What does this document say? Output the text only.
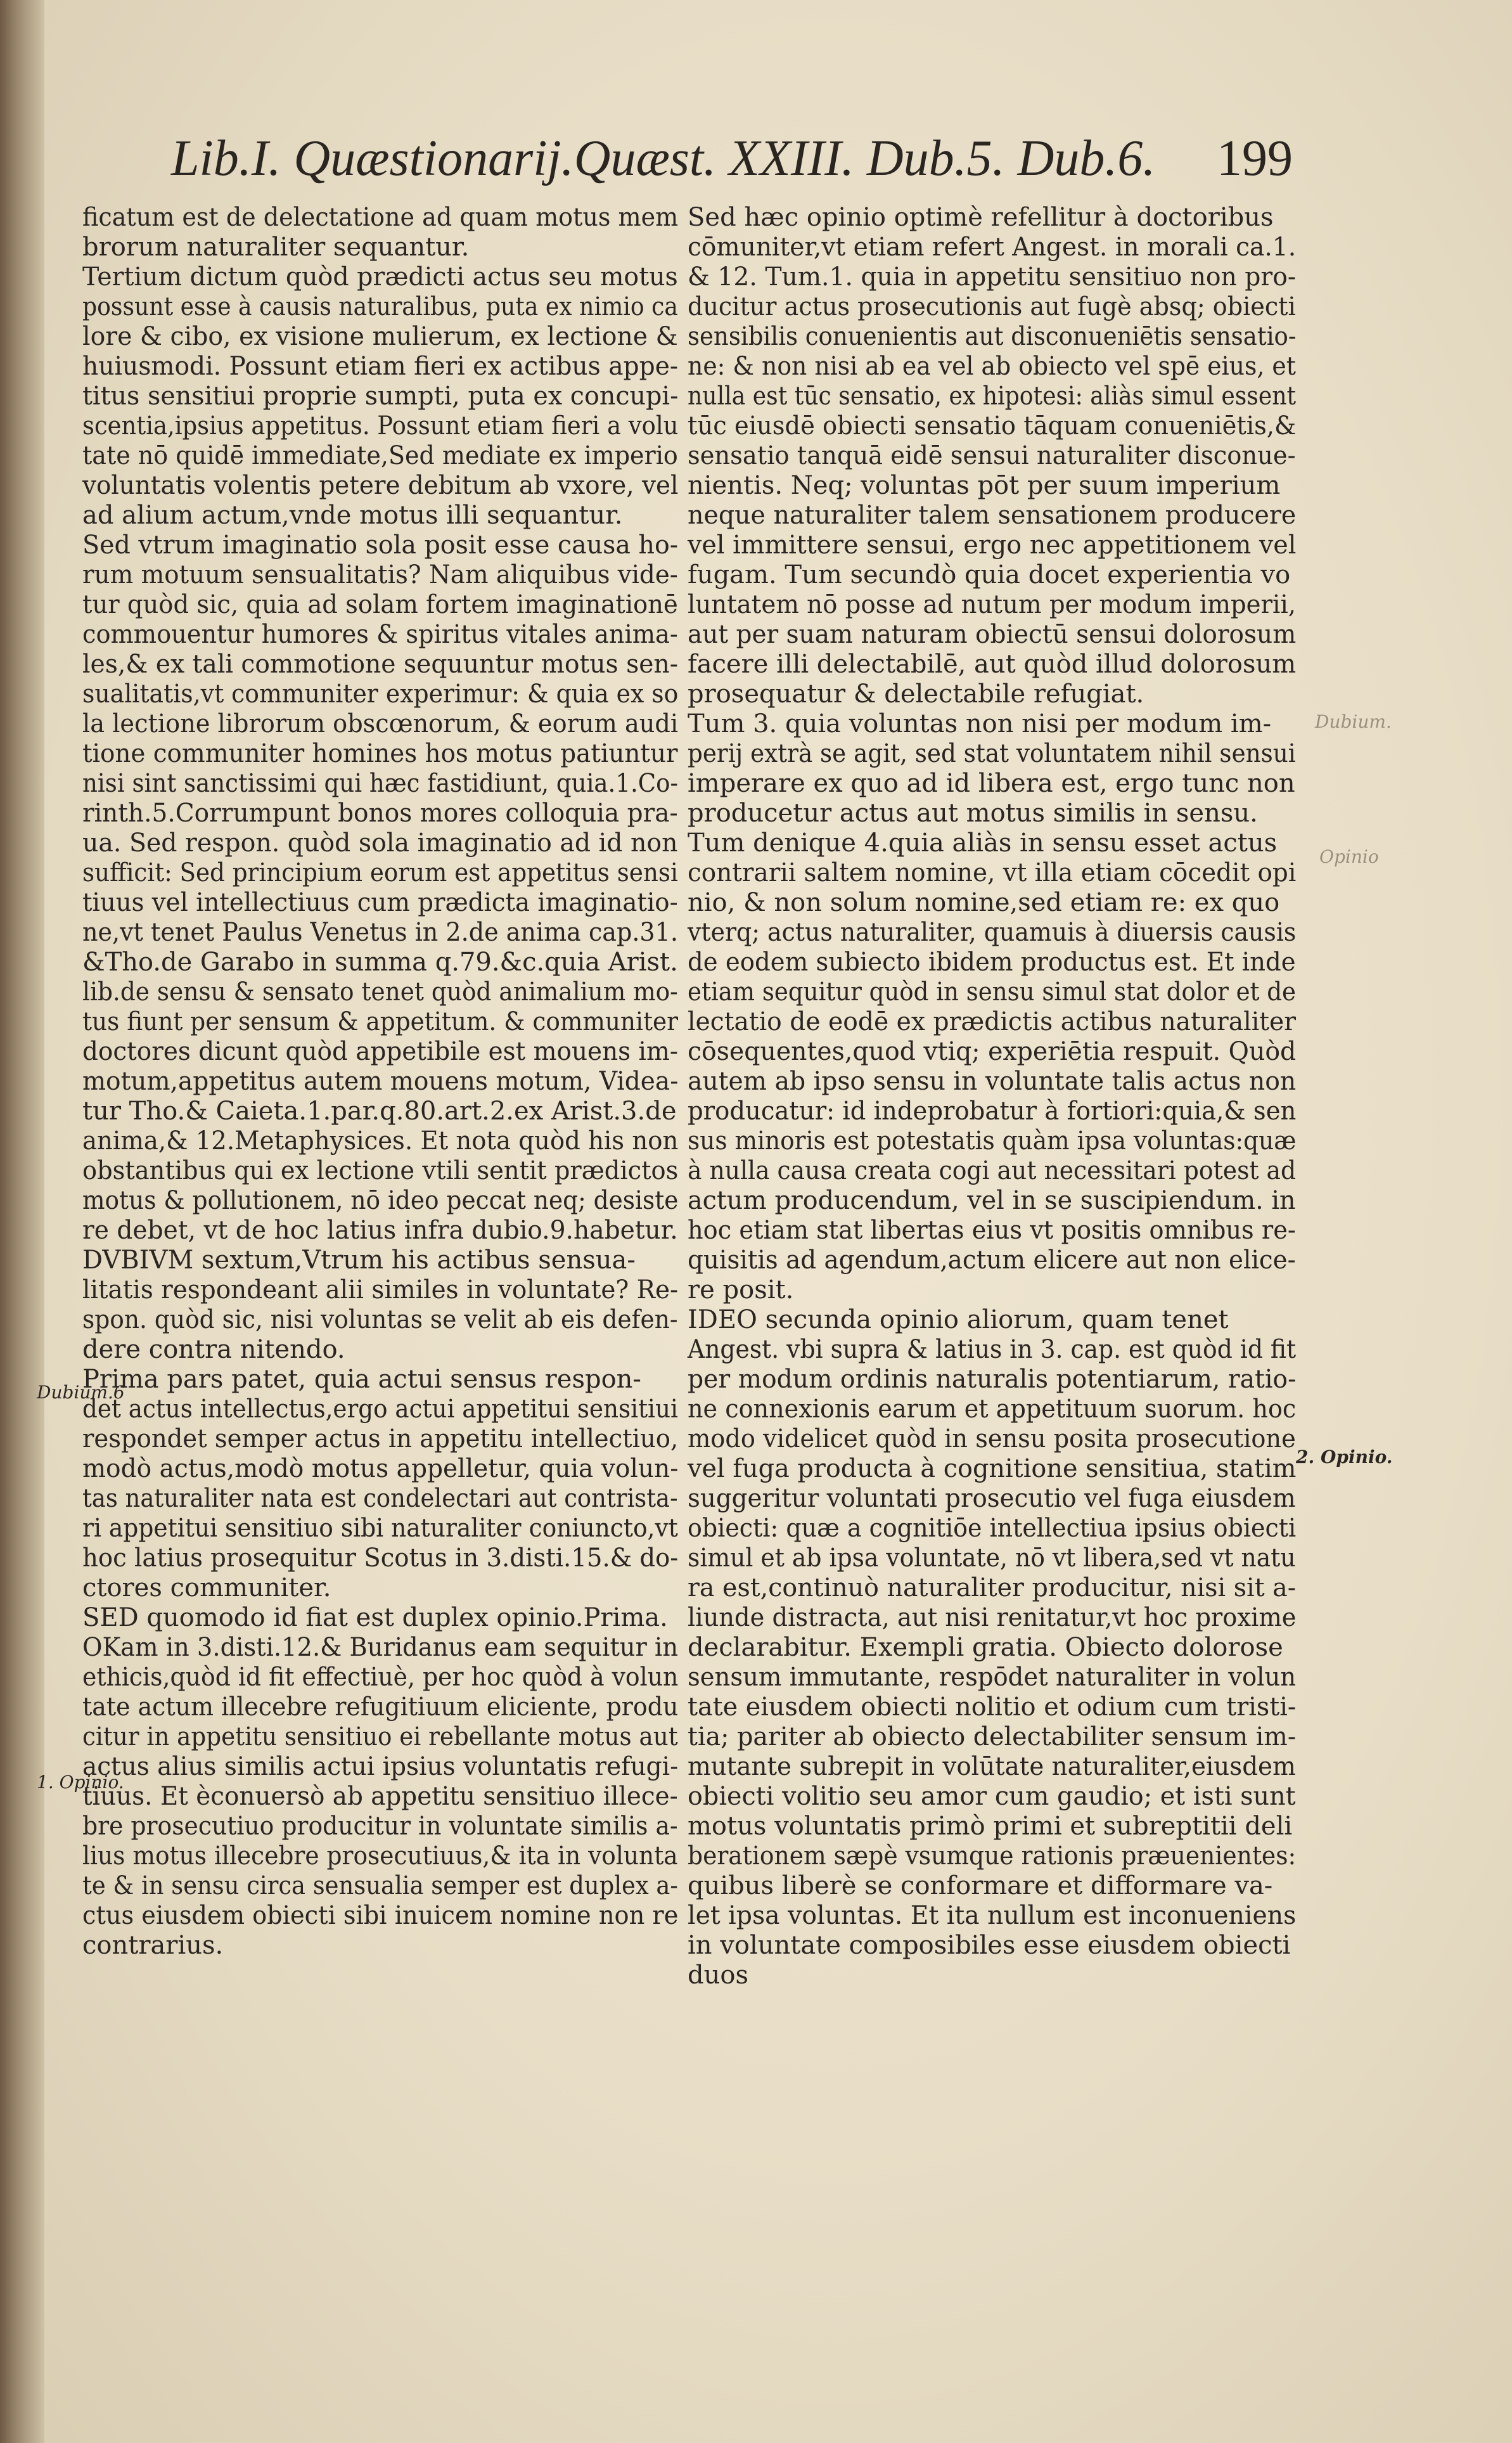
Lib.I. Quæstionarij.Quæst. XXIII. Dub.5. Dub.6. 199

ficatum est de delectatione ad quam motus mem

brorum naturaliter sequantur.

Tertium dictum quòd prædicti actus seu motus

possunt esse à causis naturalibus, puta ex nimio ca

lore & cibo, ex visione mulierum, ex lectione &

huiusmodi. Possunt etiam fieri ex actibus appe-

titus sensitiui proprie sumpti, puta ex concupi-

scentia,ipsius appetitus. Possunt etiam fieri a volu

tate nō quidē immediate,Sed mediate ex imperio

voluntatis volentis petere debitum ab vxore, vel

ad alium actum,vnde motus illi sequantur.

Sed vtrum imaginatio sola posit esse causa ho-

rum motuum sensualitatis? Nam aliquibus vide-

tur quòd sic, quia ad solam fortem imaginationē

commouentur humores & spiritus vitales anima-

les,& ex tali commotione sequuntur motus sen-

sualitatis,vt communiter experimur: & quia ex so

la lectione librorum obscœnorum, & eorum audi

tione communiter homines hos motus patiuntur

nisi sint sanctissimi qui hæc fastidiunt, quia.1.Co-

rinth.5.Corrumpunt bonos mores colloquia pra-

ua. Sed respon. quòd sola imaginatio ad id non

sufficit: Sed principium eorum est appetitus sensi

tiuus vel intellectiuus cum prædicta imaginatio-

ne,vt tenet Paulus Venetus in 2.de anima cap.31.

&Tho.de Garabo in summa q.79.&c.quia Arist.

lib.de sensu & sensato tenet quòd animalium mo-

tus fiunt per sensum & appetitum. & communiter

doctores dicunt quòd appetibile est mouens im-

motum,appetitus autem mouens motum, Videa-

tur Tho.& Caieta.1.par.q.80.art.2.ex Arist.3.de

anima,& 12.Metaphysices. Et nota quòd his non

obstantibus qui ex lectione vtili sentit prædictos

motus & pollutionem, nō ideo peccat neq; desiste

re debet, vt de hoc latius infra dubio.9.habetur.

DVBIVM sextum,Vtrum his actibus sensua-

litatis respondeant alii similes in voluntate? Re-

spon. quòd sic, nisi voluntas se velit ab eis defen-

dere contra nitendo.

Prima pars patet, quia actui sensus respon-

det actus intellectus,ergo actui appetitui sensitiui

respondet semper actus in appetitu intellectiuo,

modò actus,modò motus appelletur, quia volun-

tas naturaliter nata est condelectari aut contrista-

ri appetitui sensitiuo sibi naturaliter coniuncto,vt

hoc latius prosequitur Scotus in 3.disti.15.& do-

ctores communiter.

SED quomodo id fiat est duplex opinio.Prima.

OKam in 3.disti.12.& Buridanus eam sequitur in

ethicis,quòd id fit effectiuè, per hoc quòd à volun

tate actum illecebre refugitiuum eliciente, produ

citur in appetitu sensitiuo ei rebellante motus aut

actus alius similis actui ipsius voluntatis refugi-

tiuus. Et èconuersò ab appetitu sensitiuo illece-

bre prosecutiuo producitur in voluntate similis a-

lius motus illecebre prosecutiuus,& ita in volunta

te & in sensu circa sensualia semper est duplex a-

ctus eiusdem obiecti sibi inuicem nomine non re

contrarius.

Sed hæc opinio optimè refellitur à doctoribus

cōmuniter,vt etiam refert Angest. in morali ca.1.

& 12. Tum.1. quia in appetitu sensitiuo non pro-

ducitur actus prosecutionis aut fugè absq; obiecti

sensibilis conuenientis aut disconueniētis sensatio-

ne: & non nisi ab ea vel ab obiecto vel spē eius, et

nulla est tūc sensatio, ex hipotesi: aliàs simul essent

tūc eiusdē obiecti sensatio tāquam conueniētis,&

sensatio tanquā eidē sensui naturaliter disconue-

nientis. Neq; voluntas pōt per suum imperium

neque naturaliter talem sensationem producere

vel immittere sensui, ergo nec appetitionem vel

fugam. Tum secundò quia docet experientia vo

luntatem nō posse ad nutum per modum imperii,

aut per suam naturam obiectū sensui dolorosum

facere illi delectabilē, aut quòd illud dolorosum

prosequatur & delectabile refugiat.

Tum 3. quia voluntas non nisi per modum im-

perij extrà se agit, sed stat voluntatem nihil sensui

imperare ex quo ad id libera est, ergo tunc non

producetur actus aut motus similis in sensu.

Tum denique 4.quia aliàs in sensu esset actus

contrarii saltem nomine, vt illa etiam cōcedit opi

nio, & non solum nomine,sed etiam re: ex quo

vterq; actus naturaliter, quamuis à diuersis causis

de eodem subiecto ibidem productus est. Et inde

etiam sequitur quòd in sensu simul stat dolor et de

lectatio de eodē ex prædictis actibus naturaliter

cōsequentes,quod vtiq; experiētia respuit. Quòd

autem ab ipso sensu in voluntate talis actus non

producatur: id indeprobatur à fortiori:quia,& sen

sus minoris est potestatis quàm ipsa voluntas:quæ

à nulla causa creata cogi aut necessitari potest ad

actum producendum, vel in se suscipiendum. in

hoc etiam stat libertas eius vt positis omnibus re-

quisitis ad agendum,actum elicere aut non elice-

re posit.

IDEO secunda opinio aliorum, quam tenet

Angest. vbi supra & latius in 3. cap. est quòd id fit

per modum ordinis naturalis potentiarum, ratio-

ne connexionis earum et appetituum suorum. hoc

modo videlicet quòd in sensu posita prosecutione

vel fuga producta à cognitione sensitiua, statim

suggeritur voluntati prosecutio vel fuga eiusdem

obiecti: quæ a cognitiōe intellectiua ipsius obiecti

simul et ab ipsa voluntate, nō vt libera,sed vt natu

ra est,continuò naturaliter producitur, nisi sit a-

liunde distracta, aut nisi renitatur,vt hoc proxime

declarabitur. Exempli gratia. Obiecto dolorose

sensum immutante, respōdet naturaliter in volun

tate eiusdem obiecti nolitio et odium cum tristi-

tia; pariter ab obiecto delectabiliter sensum im-

mutante subrepit in volūtate naturaliter,eiusdem

obiecti volitio seu amor cum gaudio; et isti sunt

motus voluntatis primò primi et subreptitii deli

berationem sæpè vsumque rationis præuenientes:

quibus liberè se conformare et difformare va-

let ipsa voluntas. Et ita nullum est inconueniens

in voluntate composibiles esse eiusdem obiecti

duos

Dubium.6
1. Opinio.
2. Opinio.
Dubium.
Opinio
